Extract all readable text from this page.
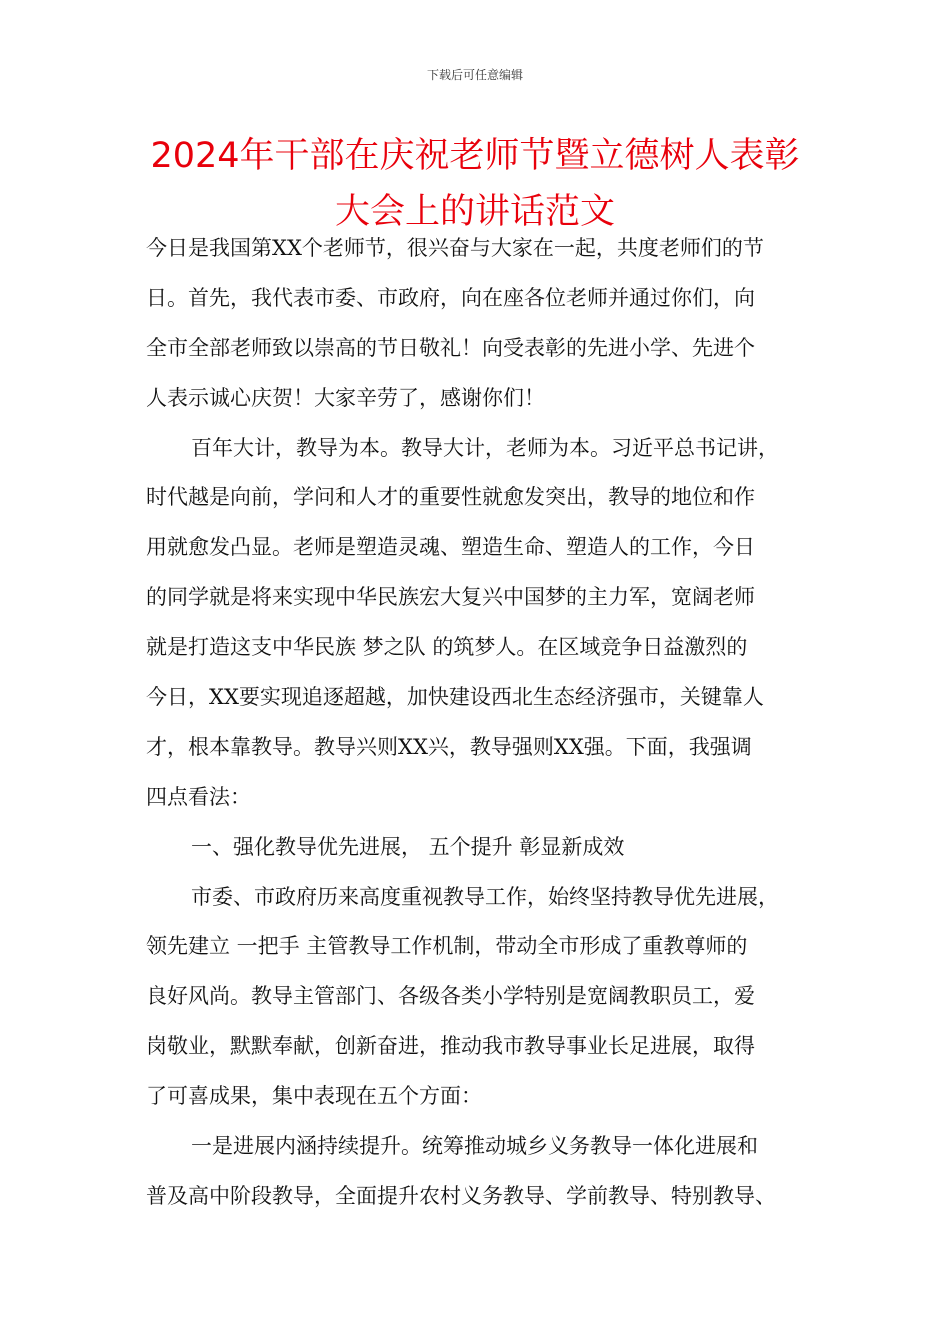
下载后可任意编辑
2024年干部在庆祝老师节暨立德树人表彰
大会上的讲话范文
今日是我国第XX个老师节，很兴奋与大家在一起，共度老师们的节
日。首先，我代表市委、市政府，向在座各位老师并通过你们，向
全市全部老师致以崇高的节日敬礼！向受表彰的先进小学、先进个
人表示诚心庆贺！大家辛劳了，感谢你们！
百年大计，教导为本。教导大计，老师为本。习近平总书记讲，
时代越是向前，学问和人才的重要性就愈发突出，教导的地位和作
用就愈发凸显。老师是塑造灵魂、塑造生命、塑造人的工作，今日
的同学就是将来实现中华民族宏大复兴中国梦的主力军，宽阔老师
就是打造这支中华民族 梦之队 的筑梦人。在区域竞争日益激烈的
今日，XX要实现追逐超越，加快建设西北生态经济强市，关键靠人
才，根本靠教导。教导兴则XX兴，教导强则XX强。下面，我强调
四点看法：
一、强化教导优先进展， 五个提升 彰显新成效
市委、市政府历来高度重视教导工作，始终坚持教导优先进展，
领先建立 一把手 主管教导工作机制，带动全市形成了重教尊师的
良好风尚。教导主管部门、各级各类小学特别是宽阔教职员工，爱
岗敬业，默默奉献，创新奋进，推动我市教导事业长足进展，取得
了可喜成果，集中表现在五个方面：
一是进展内涵持续提升。统筹推动城乡义务教导一体化进展和
普及高中阶段教导，全面提升农村义务教导、学前教导、特别教导、
